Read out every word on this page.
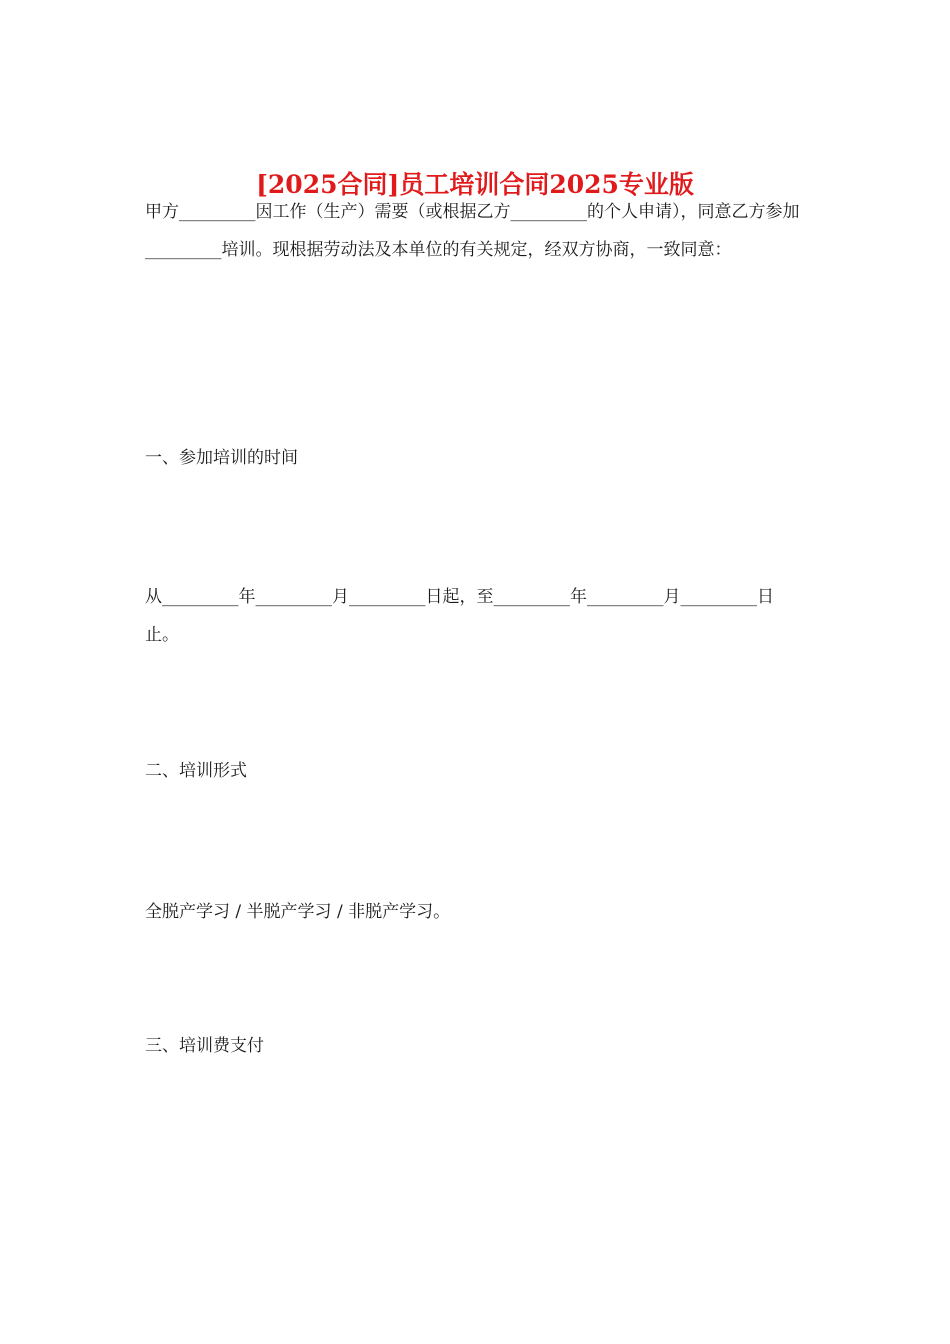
[2025合同]员工培训合同2025专业版

甲方_________因工作（生产）需要（或根据乙方_________的个人申请），同意乙方参加_________培训。现根据劳动法及本单位的有关规定，经双方协商，一致同意：

一、参加培训的时间

从_________年_________月_________日起，至_________年_________月_________日止。

二、培训形式

全脱产学习 / 半脱产学习 / 非脱产学习。

三、培训费支付
